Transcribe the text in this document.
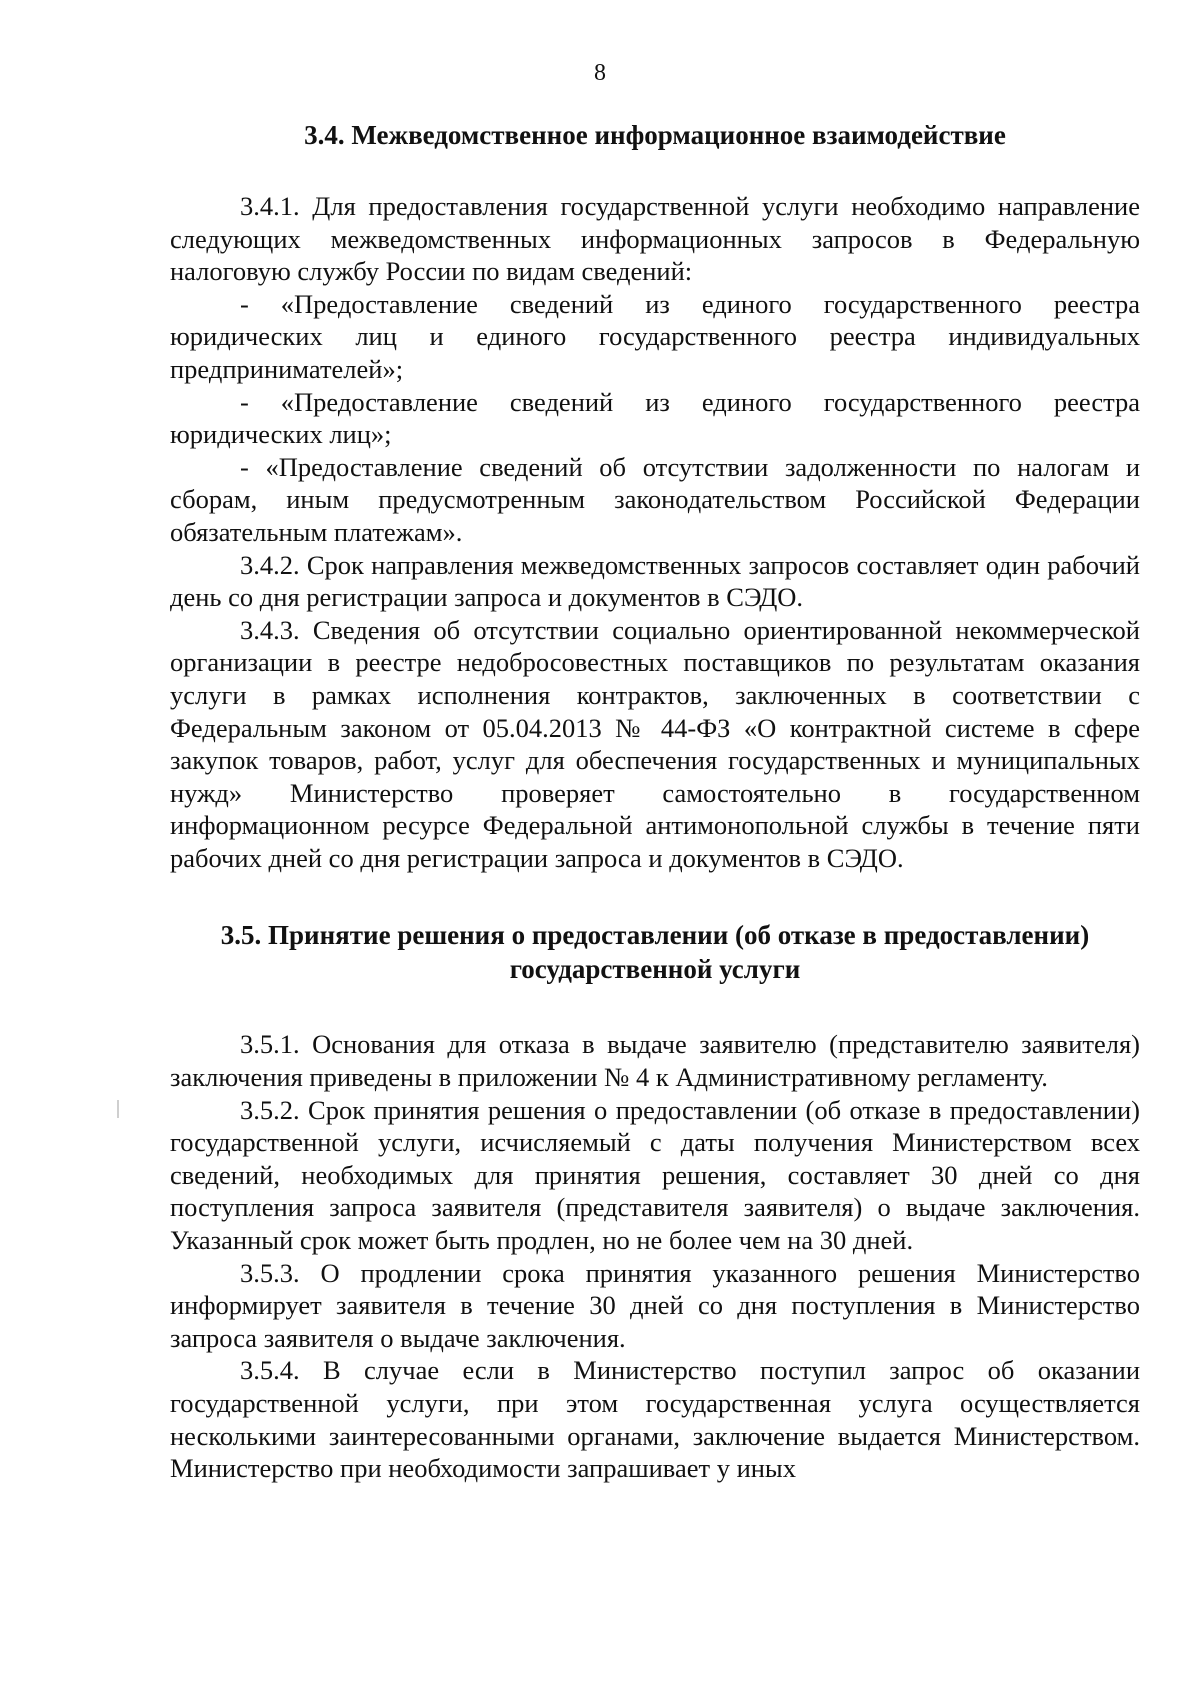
8
3.4. Межведомственное информационное взаимодействие

3.4.1. Для предоставления государственной услуги необходимо направление следующих межведомственных информационных запросов в Федеральную налоговую службу России по видам сведений:

- «Предоставление сведений из единого государственного реестра юридических лиц и единого государственного реестра индивидуальных предпринимателей»;

- «Предоставление сведений из единого государственного реестра юридических лиц»;

- «Предоставление сведений об отсутствии задолженности по налогам и сборам, иным предусмотренным законодательством Российской Федерации обязательным платежам».

3.4.2. Срок направления межведомственных запросов составляет один рабочий день со дня регистрации запроса и документов в СЭДО.

3.4.3. Сведения об отсутствии социально ориентированной некоммерческой организации в реестре недобросовестных поставщиков по результатам оказания услуги в рамках исполнения контрактов, заключенных в соответствии с Федеральным законом от 05.04.2013 № 44-ФЗ «О контрактной системе в сфере закупок товаров, работ, услуг для обеспечения государственных и муниципальных нужд» Министерство проверяет самостоятельно в государственном информационном ресурсе Федеральной антимонопольной службы в течение пяти рабочих дней со дня регистрации запроса и документов в СЭДО.

3.5. Принятие решения о предоставлении (об отказе в предоставлении)
государственной услуги

3.5.1. Основания для отказа в выдаче заявителю (представителю заявителя) заключения приведены в приложении № 4 к Административному регламенту.

3.5.2. Срок принятия решения о предоставлении (об отказе в предоставлении) государственной услуги, исчисляемый с даты получения Министерством всех сведений, необходимых для принятия решения, составляет 30 дней со дня поступления запроса заявителя (представителя заявителя) о выдаче заключения. Указанный срок может быть продлен, но не более чем на 30 дней.

3.5.3. О продлении срока принятия указанного решения Министерство информирует заявителя в течение 30 дней со дня поступления в Министерство запроса заявителя о выдаче заключения.

3.5.4. В случае если в Министерство поступил запрос об оказании государственной услуги, при этом государственная услуга осуществляется несколькими заинтересованными органами, заключение выдается Министерством. Министерство при необходимости запрашивает у иных
